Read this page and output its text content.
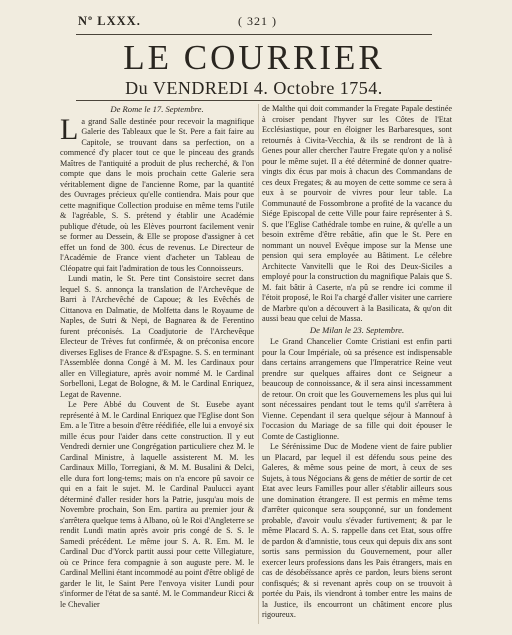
Nº LXXX.	( 321 )
LE COURRIER
Du VENDREDI 4. Octobre 1754.

De Rome le 17. Septembre.

La grand Salle destinée pour recevoir la magnifique Galerie des Tableaux que le St. Pere a fait faire au Capitole, se trouvant dans sa perfection, on a commencé d'y placer tout ce que le pinceau des grands Maîtres de l'antiquité a produit de plus recherché, & l'on compte que dans le mois prochain cette Galerie sera véritablement digne de l'ancienne Rome, par la quantité des Ouvrages précieux qu'elle contiendra. Mais pour que cette magnifique Collection produise en même tems l'utile & l'agréable, S. S. prétend y établir une Académie publique d'étude, où les Elèves pourront facilement venir se former au Dessein, & Elle se propose d'assigner à cet effet un fond de 300. écus de revenus. Le Directeur de l'Académie de France vient d'acheter un Tableau de Cléopatre qui fait l'admiration de tous les Connoisseurs.

Lundi matin, le St. Pere tint Consistoire secret dans lequel S. S. annonça la translation de l'Archevêque de Barri à l'Archevêché de Capoue; & les Evêchés de Cittanova en Dalmatie, de Molfetta dans le Royaume de Naples, de Sutri & Nepi, de Bagnarea & de Ferentino furent préconisés. La Coadjutorie de l'Archevêque Electeur de Trèves fut confirmée, & on préconisa encore diverses Eglises de France & d'Espagne. S. S. en terminant l'Assemblée donna Congé à M. M. les Cardinaux pour aller en Villegiature, après avoir nommé M. le Cardinal Sorbelloni, Legat de Bologne, & M. le Cardinal Enriquez, Legat de Ravenne.

Le Pere Abbé du Couvent de St. Eusebe ayant représenté à M. le Cardinal Enriquez que l'Eglise dont Son Em. a le Titre a besoin d'être réédifiée, elle lui a envoyé six mille écus pour l'aider dans cette construction. Il y eut Vendredi dernier une Congrégation particuliere chez M. le Cardinal Ministre, à laquelle assisterent M. M. les Cardinaux Millo, Torregiani, & M. M. Busalini & Delci, elle dura fort long-tems; mais on n'a encore pû savoir ce qui en a fait le sujet. M. le Cardinal Paulucci ayant déterminé d'aller resider hors la Patrie, jusqu'au mois de Novembre prochain, Son Em. partira au premier jour & s'arrêtera quelque tems à Albano, où le Roi d'Angleterre se rendit Lundi matin après avoir pris congé de S. S. le Samedi précédent. Le même jour S. A. R. Em. M. le Cardinal Duc d'Yorck partit aussi pour cette Villegiature, où ce Prince fera compagnie à son auguste pere. M. le Cardinal Mellini étant incommodé au point d'être obligé de garder le lit, le Saint Pere l'envoya visiter Lundi pour s'informer de l'état de sa santé. M. le Commandeur Ricci & le Chevalier

de Malthe qui doit commander la Fregate Papale destinée à croiser pendant l'hyver sur les Côtes de l'Etat Ecclésiastique, pour en éloigner les Barbaresques, sont retournés à Civita-Vecchia, & ils se rendront de là à Genes pour aller chercher l'autre Fregate qu'on y a nolisé pour le même sujet. Il a été déterminé de donner quatre-vingts dix écus par mois à chacun des Commandans de ces deux Fregates; & au moyen de cette somme ce sera à eux à se pourvoir de vivres pour leur table. La Communauté de Fossombrone a profité de la vacance du Siége Episcopal de cette Ville pour faire représenter à S. S. que l'Eglise Cathédrale tombe en ruine, & qu'elle a un besoin extrême d'être rebâtie, afin que le St. Pere en nommant un nouvel Evêque impose sur la Mense une pension qui sera employée au Bâtiment. Le célebre Architecte Vanvitelli que le Roi des Deux-Siciles a employé pour la construction du magnifique Palais que S. M. fait bâtir à Caserte, n'a pû se rendre ici comme il l'étoit proposé, le Roi l'a chargé d'aller visiter une carriere de Marbre qu'on a découvert à la Basilicata, & qu'on dit aussi beau que celui de Massa.

De Milan le 23. Septembre.

Le Grand Chancelier Comte Cristiani est enfin parti pour la Cour Impériale, où sa présence est indispensable dans certains arrangemens que l'Imperatrice Reine veut prendre sur quelques affaires dont ce Seigneur a beaucoup de connoissance, & il sera ainsi incessamment de retour. On croit que les Gouvernemens les plus qui lui sont nécessaires pendant tout le tems qu'il s'arrêtera à Vienne. Cependant il sera quelque séjour à Mannouf à l'occasion du Mariage de sa fille qui doit épouser le Comte de Castiglionne.

Le Sérénissime Duc de Modene vient de faire publier un Placard, par lequel il est défendu sous peine des Galeres, & même sous peine de mort, à ceux de ses Sujets, à tous Négocians & gens de métier de sortir de cet Etat avec leurs Familles pour aller s'établir ailleurs sous une domination étrangere. Il est permis en même tems d'arrêter quiconque sera soupçonné, sur un fondement probable, d'avoir voulu s'évader furtivement; & par le même Placard S. A. S. rappelle dans cet Etat, sous offre de pardon & d'amnistie, tous ceux qui depuis dix ans sont sortis sans permission du Gouvernement, pour aller exercer leurs professions dans les Pais étrangers, mais en cas de désobéïssance après ce pardon, leurs biens seront confisqués; & si revenant après coup on se trouvoit à portée du Pais, ils viendront à tomber entre les mains de la Justice, ils encourront un châtiment encore plus rigoureux.
